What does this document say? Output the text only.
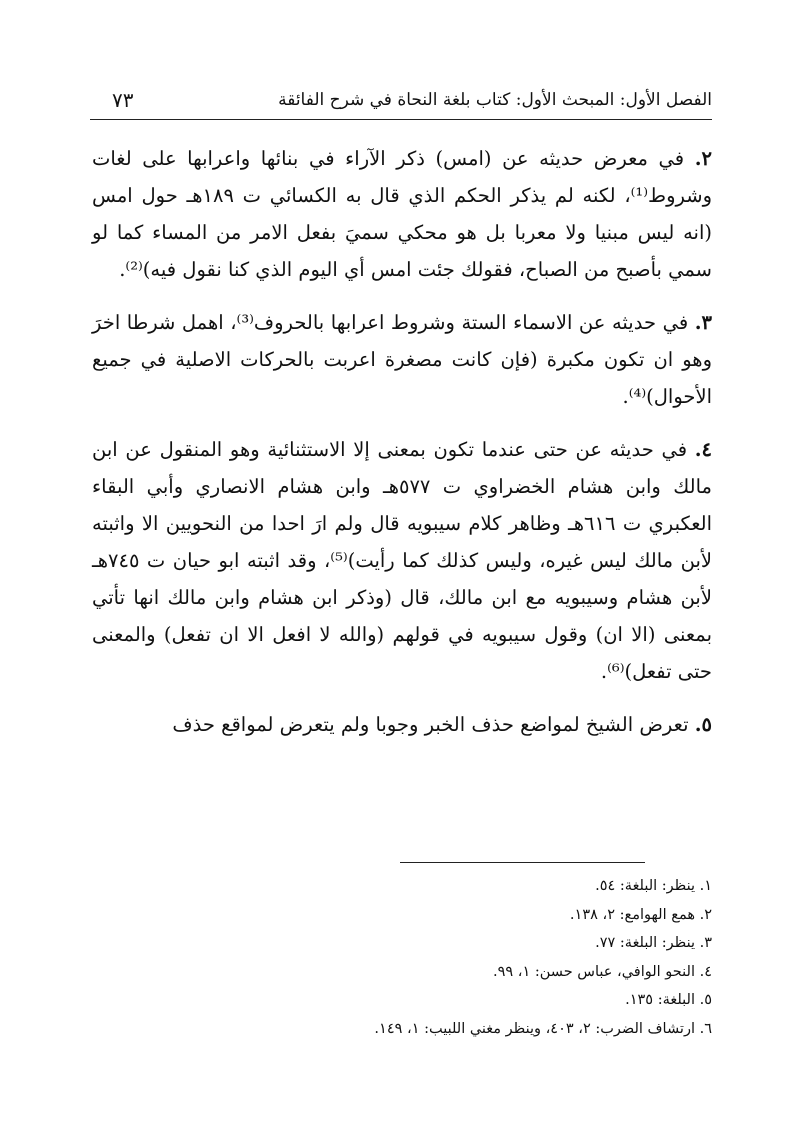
الفصل الأول: المبحث الأول: كتاب بلغة النحاة في شرح الفائقة
٧٣

٢. في معرض حديثه عن (امس) ذكر الآراء في بنائها واعرابها على لغات وشروط⁽¹⁾، لكنه لم يذكر الحكم الذي قال به الكسائي ت ١٨٩هـ حول امس (انه ليس مبنيا ولا معربا بل هو محكي سميَ بفعل الامر من المساء كما لو سمي بأصبح من الصباح، فقولك جئت امس أي اليوم الذي كنا نقول فيه)⁽²⁾.

٣. في حديثه عن الاسماء الستة وشروط اعرابها بالحروف⁽³⁾، اهمل شرطا اخرَ وهو ان تكون مكبرة (فإن كانت مصغرة اعربت بالحركات الاصلية في جميع الأحوال)⁽⁴⁾.

٤. في حديثه عن حتى عندما تكون بمعنى إلا الاستثنائية وهو المنقول عن ابن مالك وابن هشام الخضراوي ت ٥٧٧هـ وابن هشام الانصاري وأبي البقاء العكبري ت ٦١٦هـ وظاهر كلام سيبويه قال ولم ارَ احدا من النحويين الا واثبته لأبن مالك ليس غيره، وليس كذلك كما رأيت)⁽⁵⁾، وقد اثبته ابو حيان ت ٧٤٥هـ لأبن هشام وسيبويه مع ابن مالك، قال (وذكر ابن هشام وابن مالك انها تأتي بمعنى (الا ان) وقول سيبويه في قولهم (والله لا افعل الا ان تفعل) والمعنى حتى تفعل)⁽⁶⁾.

٥. تعرض الشيخ لمواضع حذف الخبر وجوبا ولم يتعرض لمواقع حذف

١. ينظر: البلغة: ٥٤.

٢. همع الهوامع: ٢، ١٣٨.

٣. ينظر: البلغة: ٧٧.

٤. النحو الوافي، عباس حسن: ١، ٩٩.

٥. البلغة: ١٣٥.

٦. ارتشاف الضرب: ٢، ٤٠٣، وينظر مغني اللبيب: ١، ١٤٩.
